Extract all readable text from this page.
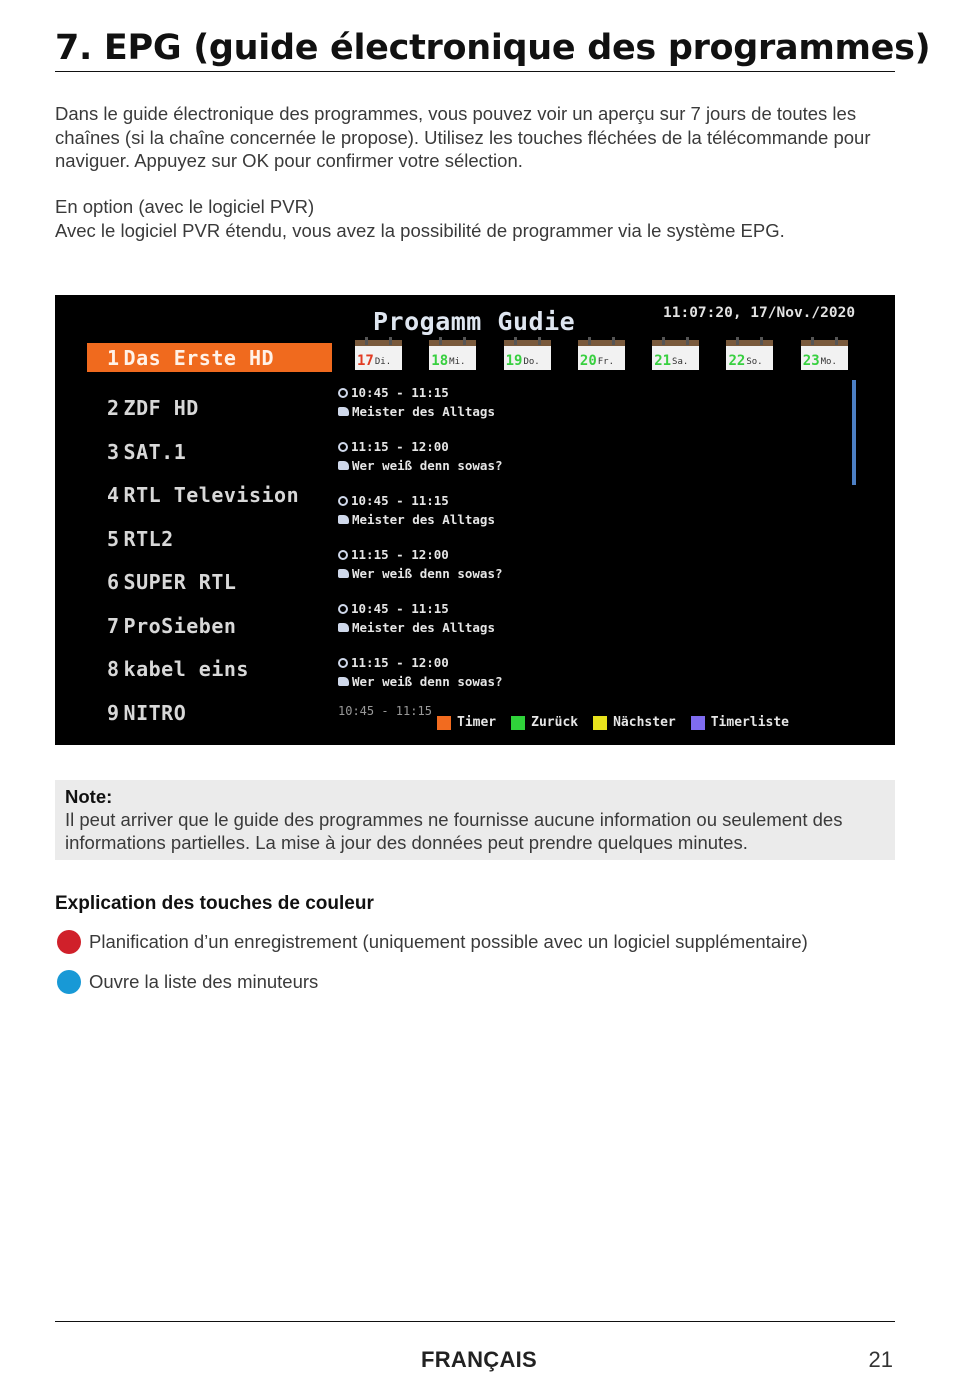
7. EPG (guide électronique des programmes)

Dans le guide électronique des programmes, vous pouvez voir un aperçu sur 7 jours de toutes les chaînes (si la chaîne concernée le propose). Utilisez les touches fléchées de la télécommande pour naviguer. Appuyez sur OK pour confirmer votre sélection.

En option (avec le logiciel PVR)
Avec le logiciel PVR étendu, vous avez la possibilité de programmer via le système EPG.
Progamm Gudie	11:07:20, 17/Nov./2020
1 Das Erste HD
2 ZDF HD
3 SAT.1
4 RTL Television
5 RTL2
6 SUPER RTL
7 ProSieben
8 kabel eins
9 NITRO
17 Di.	18 Mi.	19 Do.	20 Fr.	21 Sa.	22 So.	23 Mo.
10:45 - 11:15
Meister des Alltags
11:15 - 12:00
Wer weiß denn sowas?
10:45 - 11:15
Meister des Alltags
11:15 - 12:00
Wer weiß denn sowas?
10:45 - 11:15
Meister des Alltags
11:15 - 12:00
Wer weiß denn sowas?
$^{10:45 - 11:15}$
Timer	Zurück	Nächster	Timerliste
Note:
Il peut arriver que le guide des programmes ne fournisse aucune information ou seulement des informations partielles. La mise à jour des données peut prendre quelques minutes.
Explication des touches de couleur
Planification d’un enregistrement (uniquement possible avec un logiciel supplémentaire)
Ouvre la liste des minuteurs
FRANÇAIS	21
